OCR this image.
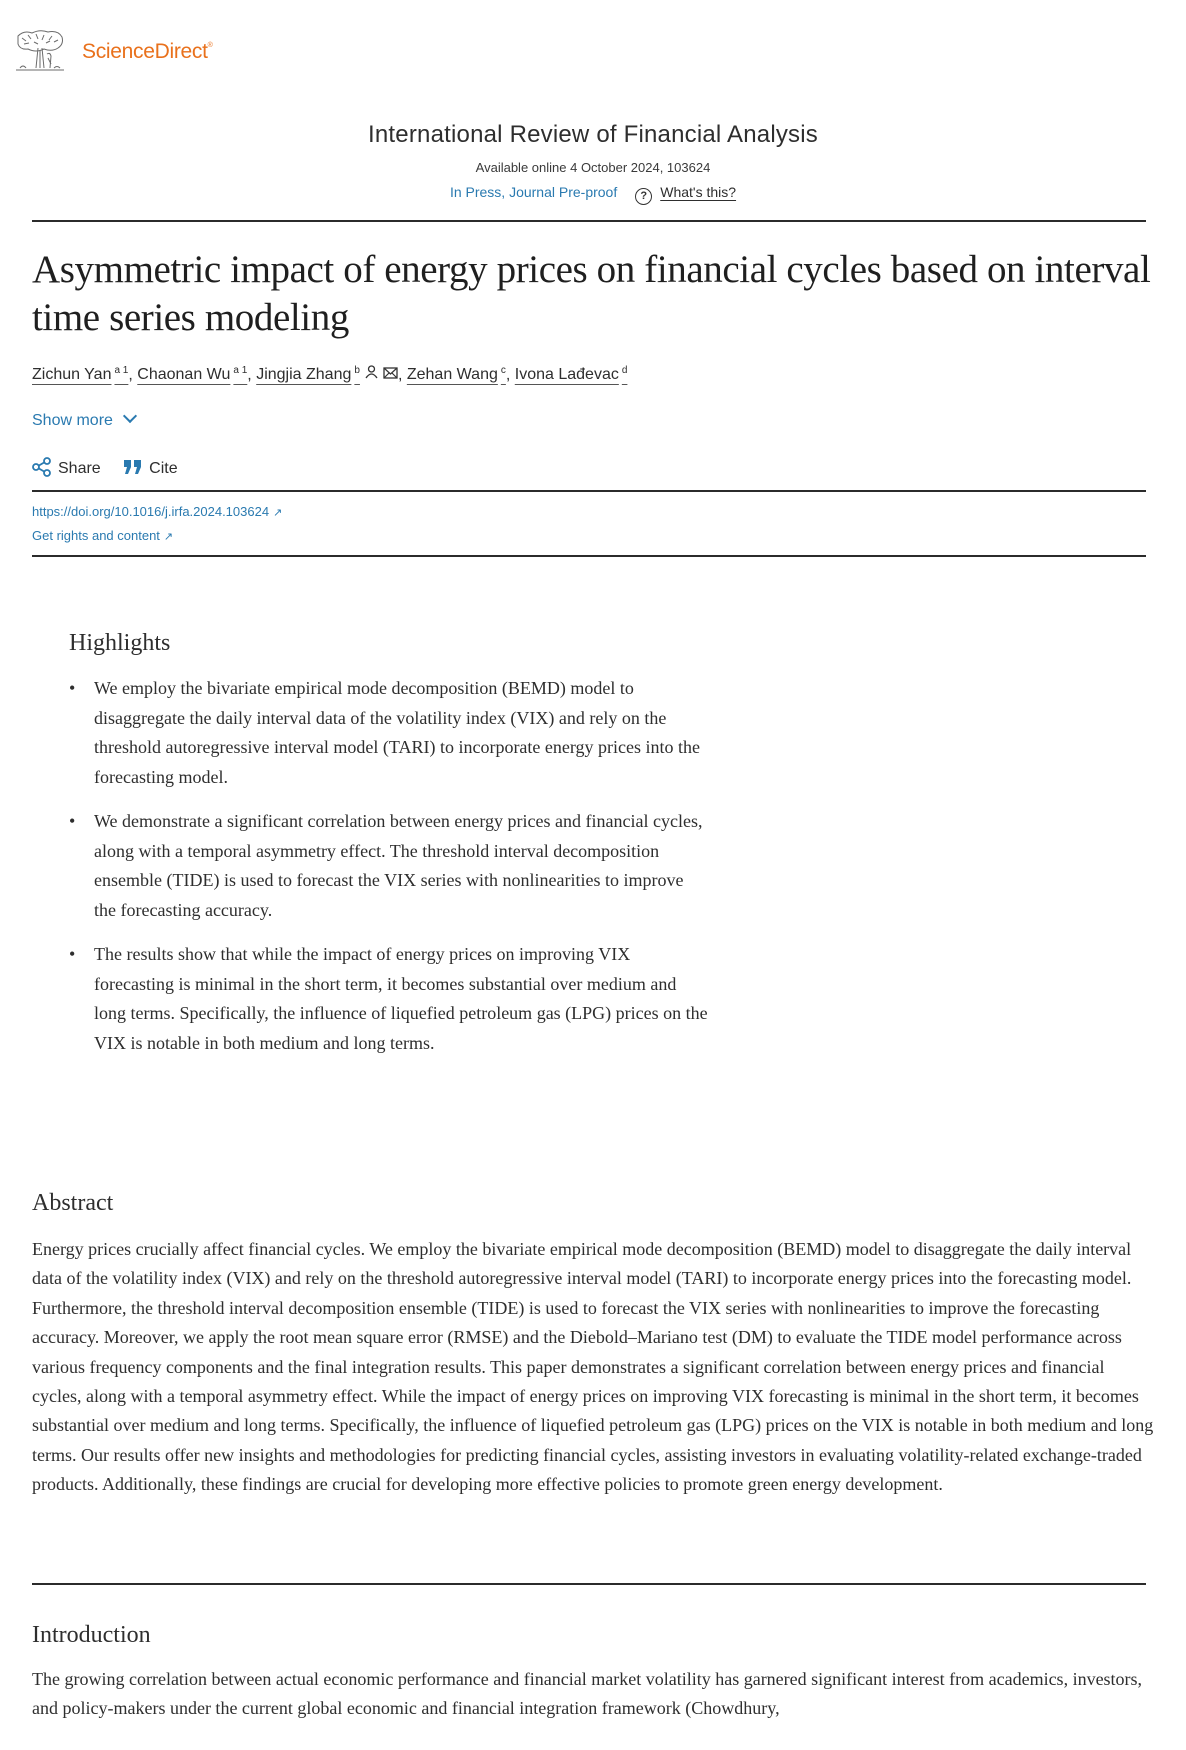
ScienceDirect®
International Review of Financial Analysis
Available online 4 October 2024, 103624
In Press, Journal Pre-proof ? What's this?
Asymmetric impact of energy prices on financial cycles based on interval time series modeling
Zichun Yan $^{a 1}$, Chaonan Wu $^{a 1}$, Jingjia Zhang $^b$ , Zehan Wang $^c$, Ivona Lađevac $^d$
Show more
Share	Cite
https://doi.org/10.1016/j.irfa.2024.103624 ↗
Get rights and content ↗
Highlights
• We employ the bivariate empirical mode decomposition (BEMD) model to disaggregate the daily interval data of the volatility index (VIX) and rely on the threshold autoregressive interval model (TARI) to incorporate energy prices into the forecasting model.
• We demonstrate a significant correlation between energy prices and financial cycles, along with a temporal asymmetry effect. The threshold interval decomposition ensemble (TIDE) is used to forecast the VIX series with nonlinearities to improve the forecasting accuracy.
• The results show that while the impact of energy prices on improving VIX forecasting is minimal in the short term, it becomes substantial over medium and long terms. Specifically, the influence of liquefied petroleum gas (LPG) prices on the VIX is notable in both medium and long terms.
Abstract

Energy prices crucially affect financial cycles. We employ the bivariate empirical mode decomposition (BEMD) model to disaggregate the daily interval data of the volatility index (VIX) and rely on the threshold autoregressive interval model (TARI) to incorporate energy prices into the forecasting model. Furthermore, the threshold interval decomposition ensemble (TIDE) is used to forecast the VIX series with nonlinearities to improve the forecasting accuracy. Moreover, we apply the root mean square error (RMSE) and the Diebold–Mariano test (DM) to evaluate the TIDE model performance across various frequency components and the final integration results. This paper demonstrates a significant correlation between energy prices and financial cycles, along with a temporal asymmetry effect. While the impact of energy prices on improving VIX forecasting is minimal in the short term, it becomes substantial over medium and long terms. Specifically, the influence of liquefied petroleum gas (LPG) prices on the VIX is notable in both medium and long terms. Our results offer new insights and methodologies for predicting financial cycles, assisting investors in evaluating volatility-related exchange-traded products. Additionally, these findings are crucial for developing more effective policies to promote green energy development.

Introduction

The growing correlation between actual economic performance and financial market volatility has garnered significant interest from academics, investors, and policy-makers under the current global economic and financial integration framework (Chowdhury,
